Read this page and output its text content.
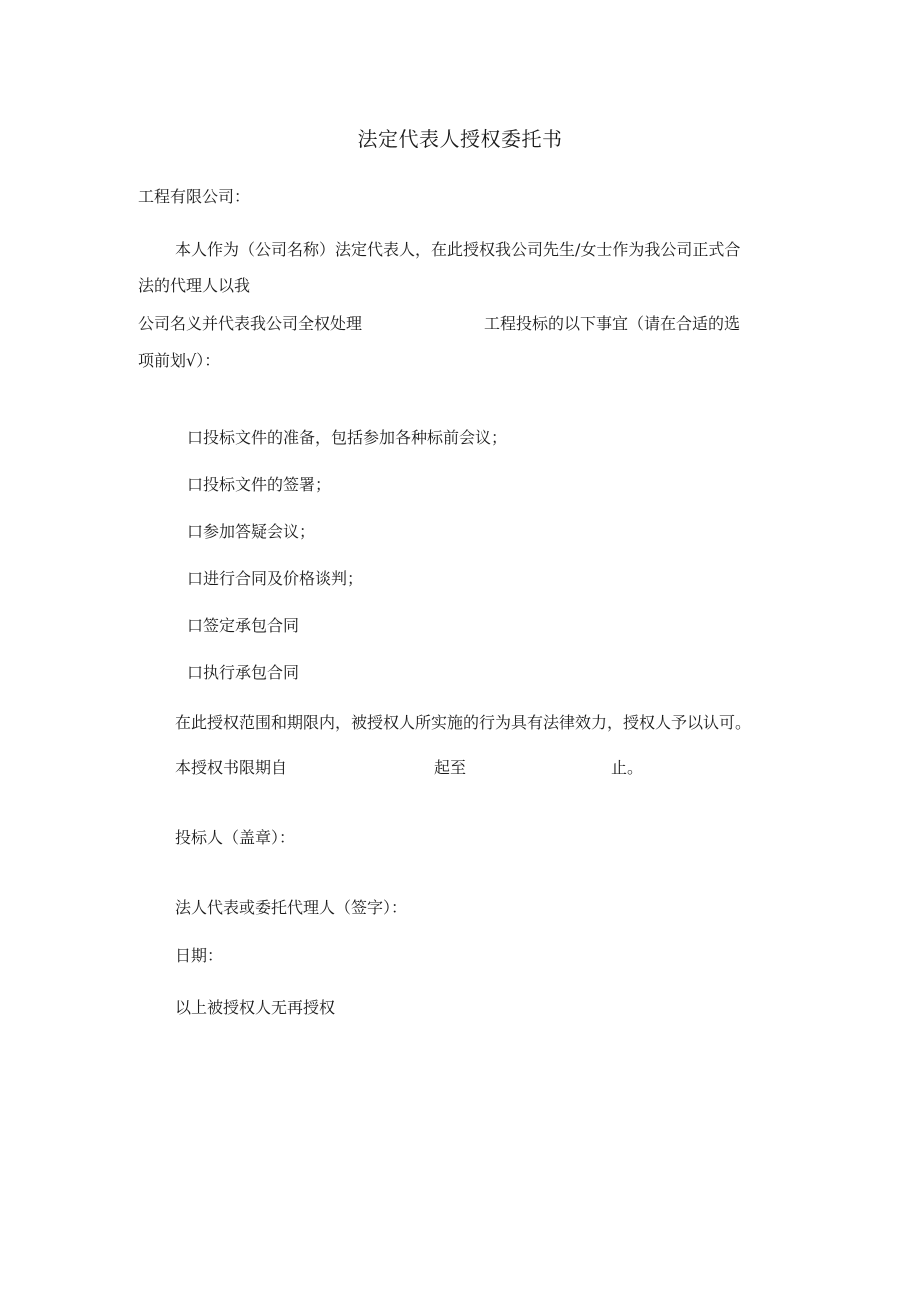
法定代表人授权委托书
工程有限公司：
本人作为（公司名称）法定代表人，在此授权我公司先生/女士作为我公司正式合
法的代理人以我
公司名义并代表我公司全权处理	工程投标的以下事宜（请在合适的选
项前划√）：
口投标文件的准备，包括参加各种标前会议；
口投标文件的签署；
口参加答疑会议；
口进行合同及价格谈判；
口签定承包合同
口执行承包合同
在此授权范围和期限内，被授权人所实施的行为具有法律效力，授权人予以认可。
本授权书限期自	起至	止。
投标人（盖章）：
法人代表或委托代理人（签字）：
日期：
以上被授权人无再授权
